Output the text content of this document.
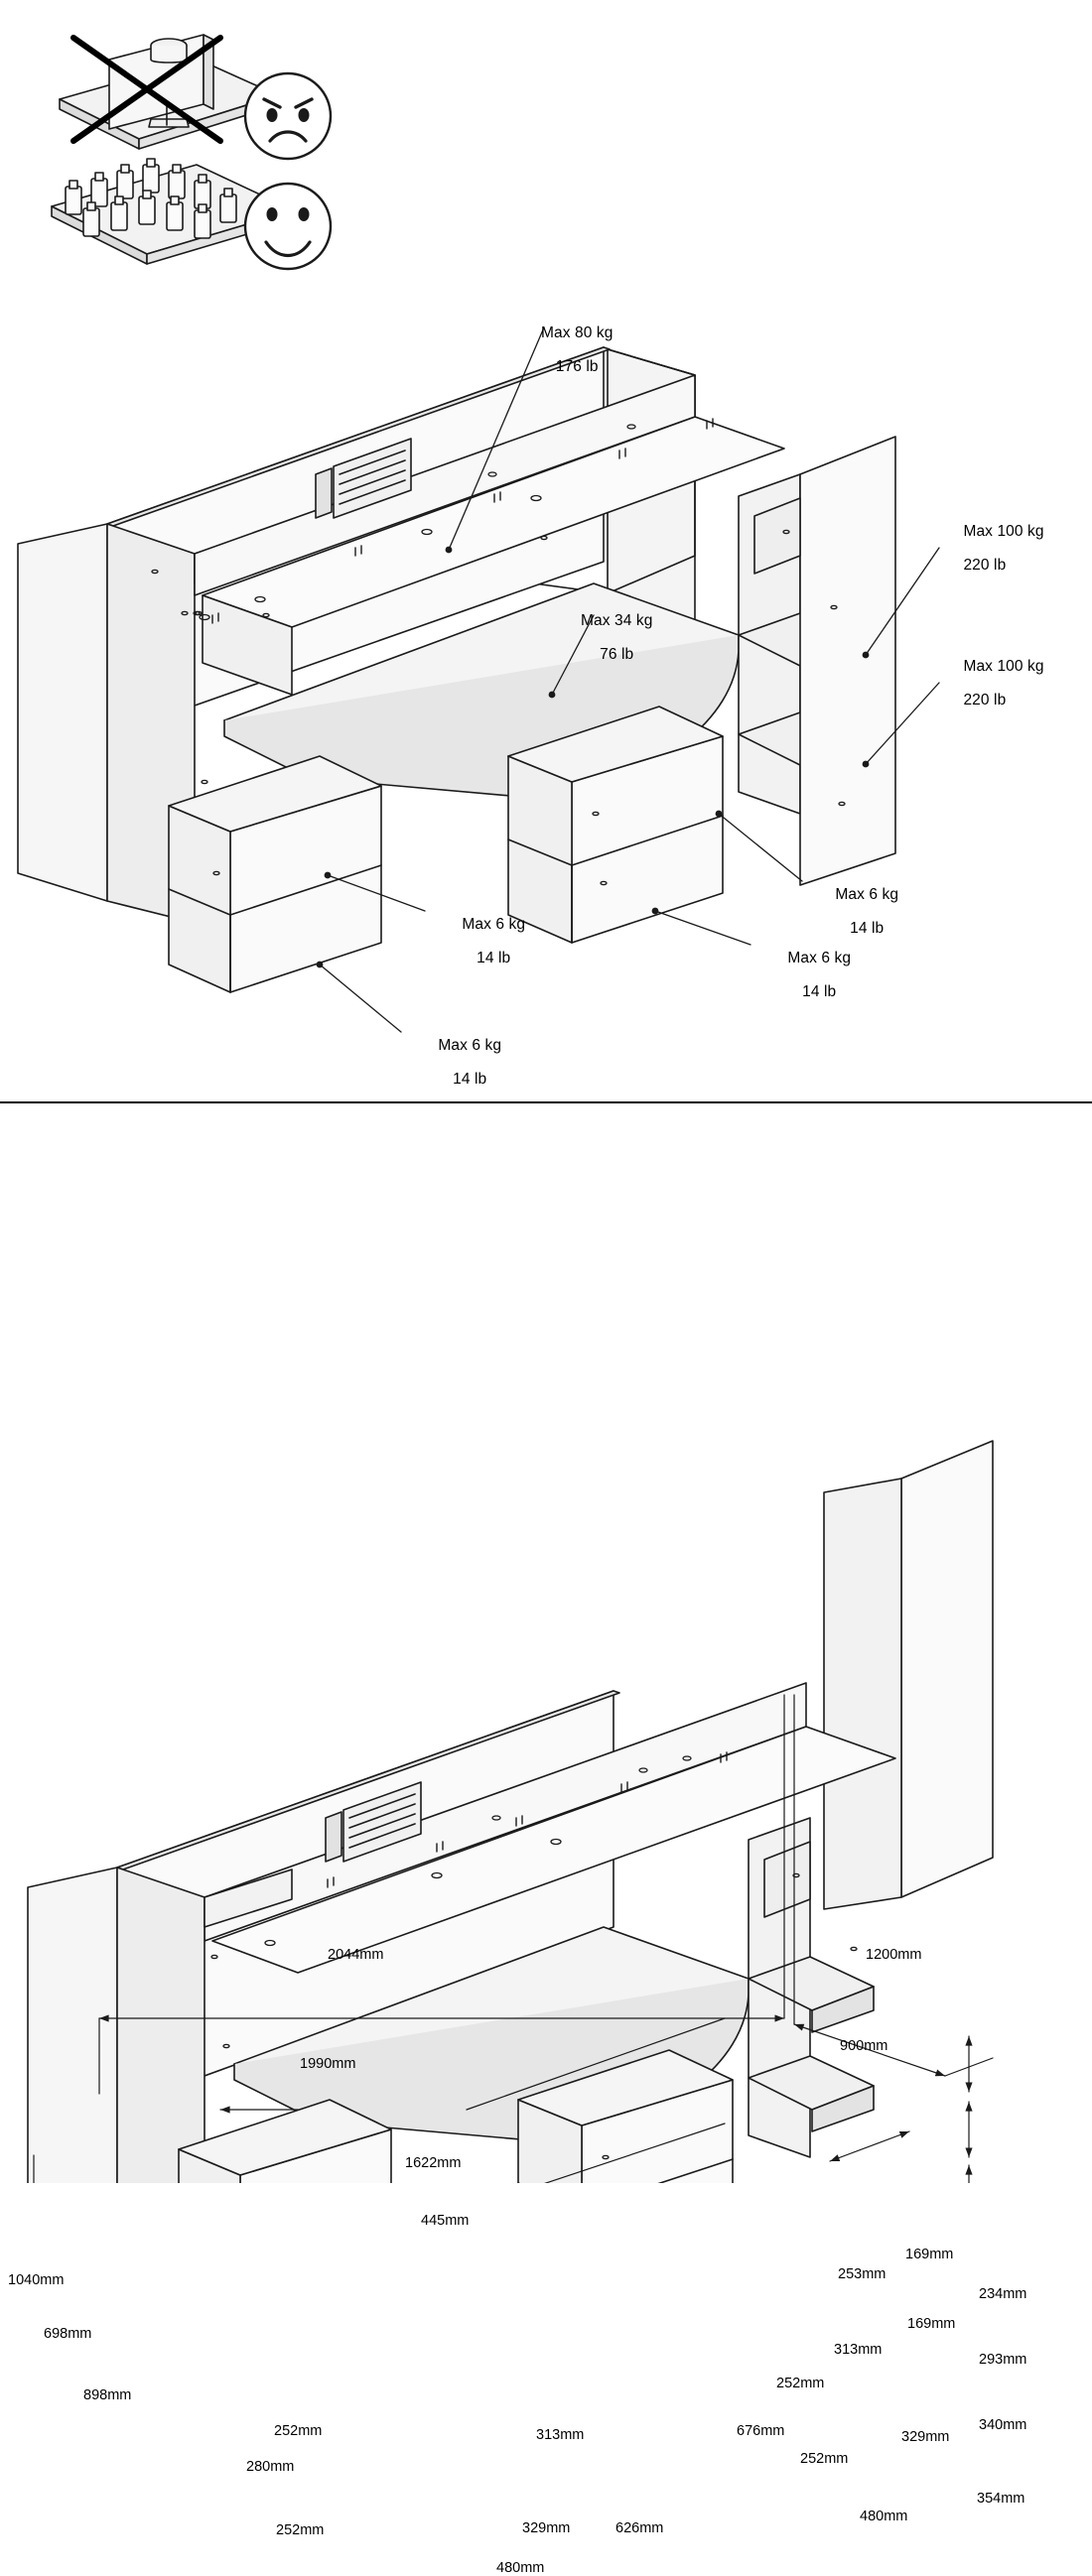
Max 80 kg

176 lb

Max 34 kg

76 lb

Max 100 kg

220 lb

Max 100 kg

220 lb

Max 6 kg

14 lb

Max 6 kg

14 lb

Max 6 kg

14 lb

Max 6 kg

14 lb

2044mm	1200mm
1990mm
900mm
1622mm
445mm
1040mm
698mm
898mm
280mm
253mm
169mm
169mm
234mm
293mm
313mm
340mm
354mm
252mm
252mm
252mm
252mm
313mm
329mm
329mm
626mm
676mm
480mm
480mm
